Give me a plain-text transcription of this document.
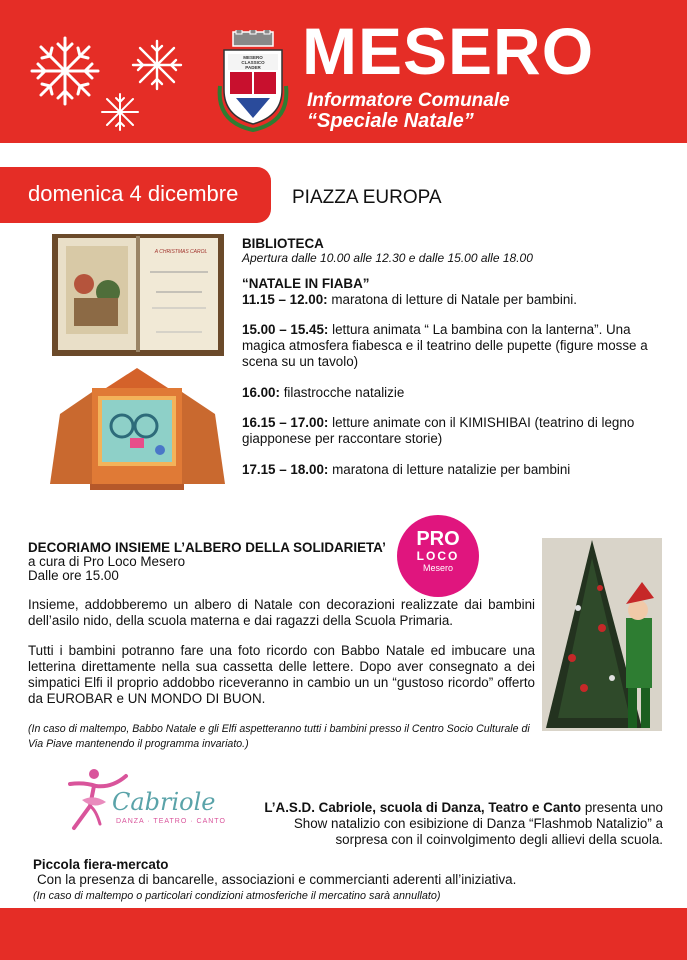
MESERO
CLASSICO
PADER MESERO
Informatore Comunale
“Speciale Natale”
domenica 4 dicembre	PIAZZA EUROPA
A CHRISTMAS CAROL
BIBLIOTECA
Apertura dalle 10.00 alle 12.30 e dalle 15.00 alle 18.00
“NATALE IN FIABA”
11.15 – 12.00: maratona di letture di Natale per bambini.
15.00 – 15.45: lettura animata “ La bambina con la lanterna”. Una magica atmosfera fiabesca e il teatrino delle pupette (figure mosse a scena su un tavolo)
16.00: filastrocche natalizie
16.15 – 17.00: letture animate con il KIMISHIBAI (teatrino di legno giapponese per raccontare storie)
17.15 – 18.00: maratona di letture natalizie per bambini
DECORIAMO INSIEME L’ALBERO DELLA SOLIDARIETA’
a cura di Pro Loco Mesero
Dalle ore 15.00
PRO
LOCO
Mesero
Insieme, addobberemo un albero di Natale con decorazioni realizzate dai bambini dell’asilo nido, della scuola materna e dai ragazzi della Scuola Primaria.
Tutti i bambini potranno fare una foto ricordo con Babbo Natale ed imbucare una letterina direttamente nella sua cassetta delle lettere. Dopo aver consegnato a dei simpatici Elfi il proprio addobbo riceveranno in cambio un un “gustoso ricordo” offerto da EUROBAR e UN MONDO DI BUON.
(In caso di maltempo, Babbo Natale e gli Elfi aspetteranno tutti i bambini presso il Centro Socio Culturale di Via Piave mantenendo il programma invariato.)
Cabriole
DANZA · TEATRO · CANTO
L’A.S.D. Cabriole, scuola di Danza, Teatro e Canto presenta uno Show natalizio con esibizione di Danza “Flashmob Natalizio” a sorpresa con il coinvolgimento degli allievi della scuola.
Piccola fiera-mercato
Con la presenza di bancarelle, associazioni e commercianti aderenti all’iniziativa.
(In caso di maltempo o particolari condizioni atmosferiche il mercatino sarà annullato)
